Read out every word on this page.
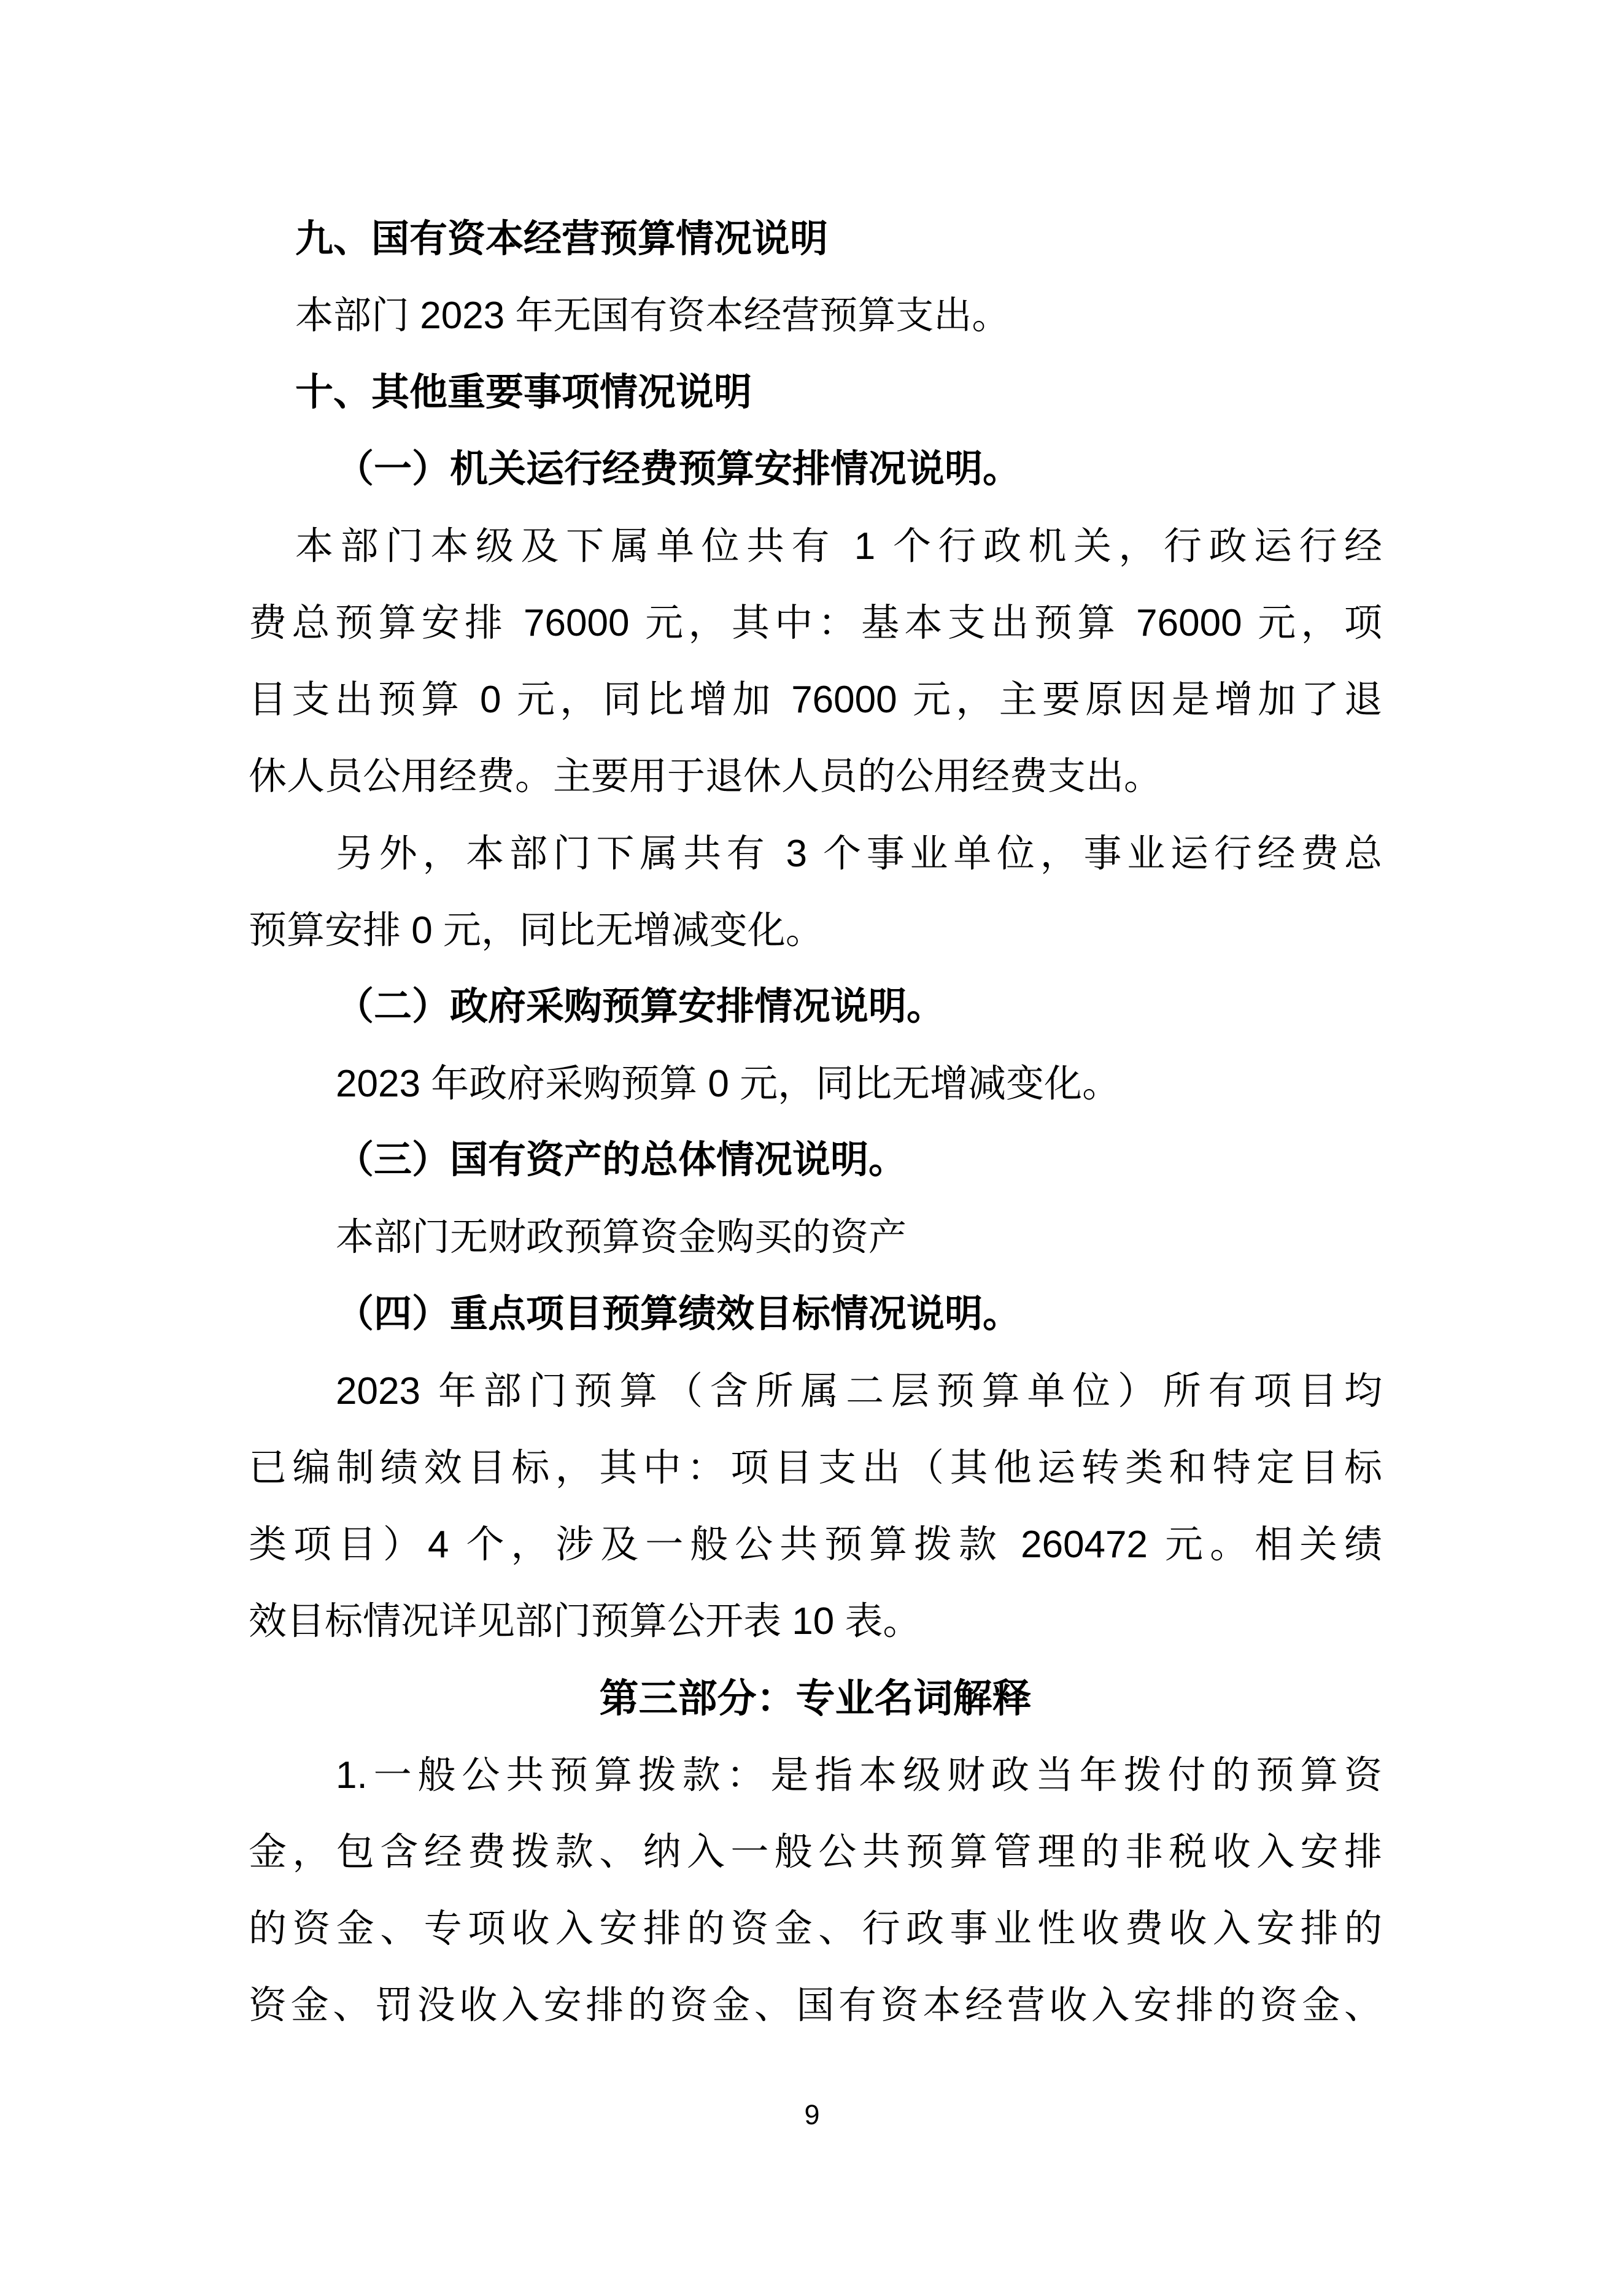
九、国有资本经营预算情况说明
本部门 2023 年无国有资本经营预算支出。
十、其他重要事项情况说明
（一）机关运行经费预算安排情况说明。
本部门本级及下属单位共有 1 个行政机关，行政运行经
费总预算安排 76000 元，其中：基本支出预算 76000 元，项
目支出预算 0 元，同比增加 76000 元，主要原因是增加了退
休人员公用经费。主要用于退休人员的公用经费支出。
另外，本部门下属共有 3 个事业单位，事业运行经费总
预算安排 0 元，同比无增减变化。
（二）政府采购预算安排情况说明。
2023 年政府采购预算 0 元，同比无增减变化。
（三）国有资产的总体情况说明。
本部门无财政预算资金购买的资产
（四）重点项目预算绩效目标情况说明。
2023 年部门预算（含所属二层预算单位）所有项目均
已编制绩效目标，其中：项目支出（其他运转类和特定目标
类项目）4 个，涉及一般公共预算拨款 260472 元。相关绩
效目标情况详见部门预算公开表 10 表。
第三部分：专业名词解释
1.一般公共预算拨款：是指本级财政当年拨付的预算资
金，包含经费拨款、纳入一般公共预算管理的非税收入安排
的资金、专项收入安排的资金、行政事业性收费收入安排的
资金、罚没收入安排的资金、国有资本经营收入安排的资金、
9
